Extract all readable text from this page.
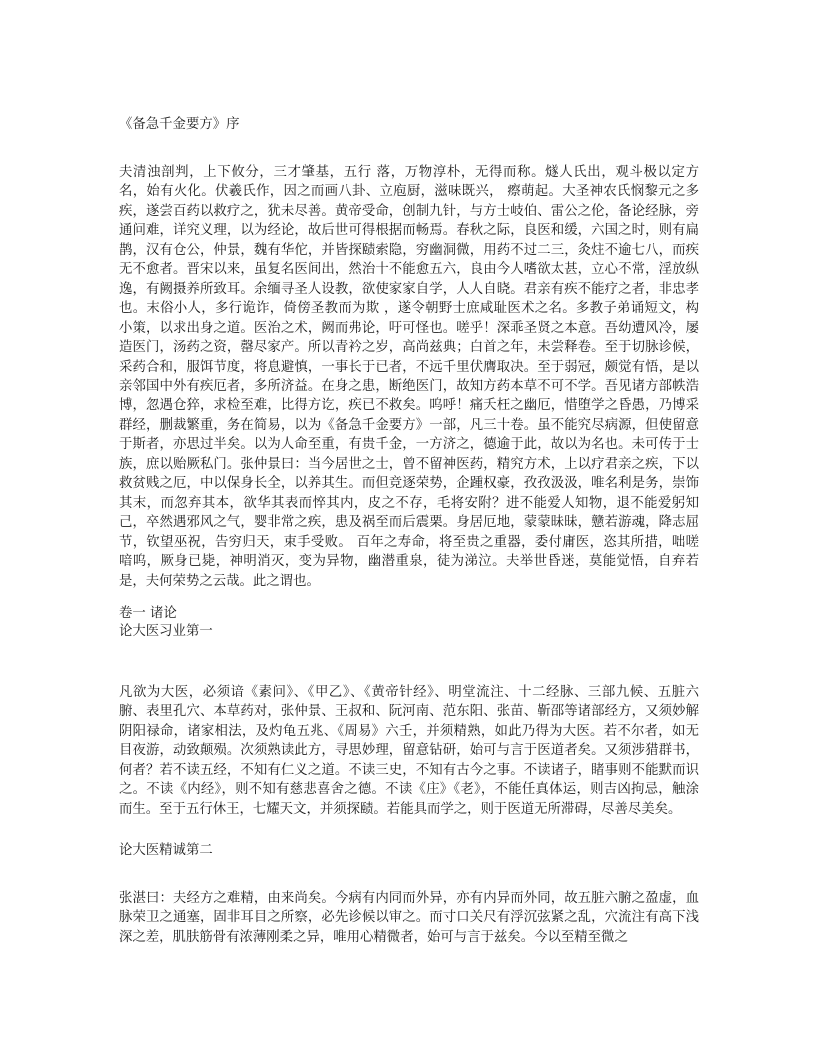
《备急千金要方》序

夫清浊剖判，上下攸分，三才肇基，五行 落，万物淳朴，无得而称。燧人氏出，观斗极以定方名，始有火化。伏羲氏作，因之而画八卦、立庖厨，滋味既兴， 瘵萌起。大圣神农氏悯黎元之多疾，遂尝百药以救疗之，犹未尽善。黄帝受命，创制九针，与方士岐伯、雷公之伦，备论经脉，旁通问难，详究义理，以为经论，故后世可得根据而畅焉。春秋之际，良医和缓，六国之时，则有扁鹊，汉有仓公，仲景，魏有华佗，并皆探赜索隐，穷幽洞微，用药不过二三，灸炷不逾七八，而疾无不愈者。晋宋以来，虽复名医间出，然治十不能愈五六，良由今人嗜欲太甚，立心不常，淫放纵逸，有阙摄养所致耳。余缅寻圣人设教，欲使家家自学，人人自晓。君亲有疾不能疗之者，非忠孝也。末俗小人，多行诡诈，倚傍圣教而为欺 ，遂令朝野士庶咸耻医术之名。多教子弟诵短文，构小策，以求出身之道。医治之术，阙而弗论，吁可怪也。嗟乎！深乖圣贤之本意。吾幼遭风冷，屡造医门，汤药之资，罄尽家产。所以青衿之岁，高尚兹典；白首之年，未尝释卷。至于切脉诊候，采药合和，服饵节度，将息避慎，一事长于已者，不远千里伏膺取决。至于弱冠，颇觉有悟，是以亲邻国中外有疾厄者，多所济益。在身之患，断绝医门，故知方药本草不可不学。吾见诸方部帙浩博，忽遇仓猝，求检至难，比得方讫，疾已不救矣。呜呼！痛夭枉之幽厄，惜堕学之昏愚，乃博采群经，删裁繁重，务在简易，以为《备急千金要方》一部，凡三十卷。虽不能究尽病源，但使留意于斯者，亦思过半矣。以为人命至重，有贵千金，一方济之，德逾于此，故以为名也。未可传于士族，庶以贻厥私门。张仲景曰：当今居世之士，曾不留神医药，精究方术，上以疗君亲之疾，下以救贫贱之厄，中以保身长全，以养其生。而但竞逐荣势，企踵权豪，孜孜汲汲，唯名利是务，崇饰其末，而忽弃其本，欲华其表而悴其内，皮之不存，毛将安附？进不能爱人知物，退不能爱躬知己，卒然遇邪风之气，婴非常之疾，患及祸至而后震栗。身居厄地，蒙蒙昧昧，戆若游魂，降志屈节，钦望巫祝，告穷归天，束手受败。 百年之寿命，将至贵之重器，委付庸医，恣其所措，咄嗟喑呜，厥身已毙，神明消灭，变为异物，幽潜重泉，徒为涕泣。夫举世昏迷，莫能觉悟，自弃若是，夫何荣势之云哉。此之谓也。

卷一 诸论
论大医习业第一

凡欲为大医，必须谙《素问》、《甲乙》、《黄帝针经》、明堂流注、十二经脉、三部九候、五脏六腑、表里孔穴、本草药对，张仲景、王叔和、阮河南、范东阳、张苗、靳邵等诸部经方，又须妙解阴阳禄命，诸家相法，及灼龟五兆、《周易》六壬，并须精熟，如此乃得为大医。若不尔者，如无目夜游，动致颠殒。次须熟读此方，寻思妙理，留意钻研，始可与言于医道者矣。又须涉猎群书，何者？若不读五经，不知有仁义之道。不读三史，不知有古今之事。不读诸子，睹事则不能默而识之。不读《内经》，则不知有慈悲喜舍之德。不读《庄》《老》，不能任真体运，则吉凶拘忌，触涂而生。至于五行休王，七耀天文，并须探赜。若能具而学之，则于医道无所滞碍，尽善尽美矣。

论大医精诚第二

张湛曰：夫经方之难精，由来尚矣。今病有内同而外异，亦有内异而外同，故五脏六腑之盈虚，血脉荣卫之通塞，固非耳目之所察，必先诊候以审之。而寸口关尺有浮沉弦紧之乱，穴流注有高下浅深之差，肌肤筋骨有浓薄刚柔之异，唯用心精微者，始可与言于兹矣。今以至精至微之
